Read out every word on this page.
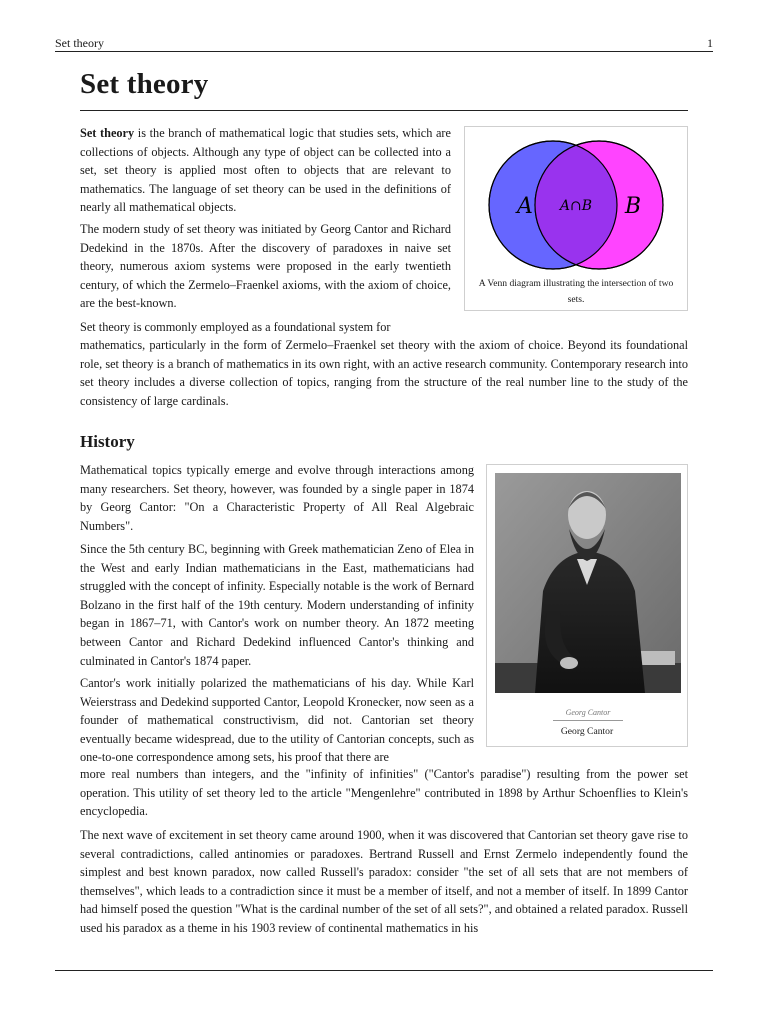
Set theory	1
Set theory

Set theory is the branch of mathematical logic that studies sets, which are collections of objects. Although any type of object can be collected into a set, set theory is applied most often to objects that are relevant to mathematics. The language of set theory can be used in the definitions of nearly all mathematical objects.

The modern study of set theory was initiated by Georg Cantor and Richard Dedekind in the 1870s. After the discovery of paradoxes in naive set theory, numerous axiom systems were proposed in the early twentieth century, of which the Zermelo–Fraenkel axioms, with the axiom of choice, are the best-known.

Set theory is commonly employed as a foundational system for

mathematics, particularly in the form of Zermelo–Fraenkel set theory with the axiom of choice. Beyond its foundational role, set theory is a branch of mathematics in its own right, with an active research community. Contemporary research into set theory includes a diverse collection of topics, ranging from the structure of the real number line to the study of the consistency of large cardinals.

A	B
A∩B
A Venn diagram illustrating the intersection of two sets.
History

Mathematical topics typically emerge and evolve through interactions among many researchers. Set theory, however, was founded by a single paper in 1874 by Georg Cantor: "On a Characteristic Property of All Real Algebraic Numbers".

Since the 5th century BC, beginning with Greek mathematician Zeno of Elea in the West and early Indian mathematicians in the East, mathematicians had struggled with the concept of infinity. Especially notable is the work of Bernard Bolzano in the first half of the 19th century. Modern understanding of infinity began in 1867–71, with Cantor's work on number theory. An 1872 meeting between Cantor and Richard Dedekind influenced Cantor's thinking and culminated in Cantor's 1874 paper.

Cantor's work initially polarized the mathematicians of his day. While Karl Weierstrass and Dedekind supported Cantor, Leopold Kronecker, now seen as a founder of mathematical constructivism, did not. Cantorian set theory eventually became widespread, due to the utility of Cantorian concepts, such as one-to-one correspondence among sets, his proof that there are

more real numbers than integers, and the "infinity of infinities" ("Cantor's paradise") resulting from the power set operation. This utility of set theory led to the article "Mengenlehre" contributed in 1898 by Arthur Schoenflies to Klein's encyclopedia.

The next wave of excitement in set theory came around 1900, when it was discovered that Cantorian set theory gave rise to several contradictions, called antinomies or paradoxes. Bertrand Russell and Ernst Zermelo independently found the simplest and best known paradox, now called Russell's paradox: consider "the set of all sets that are not members of themselves", which leads to a contradiction since it must be a member of itself, and not a member of itself. In 1899 Cantor had himself posed the question "What is the cardinal number of the set of all sets?", and obtained a related paradox. Russell used his paradox as a theme in his 1903 review of continental mathematics in his

Georg Cantor
Georg Cantor
